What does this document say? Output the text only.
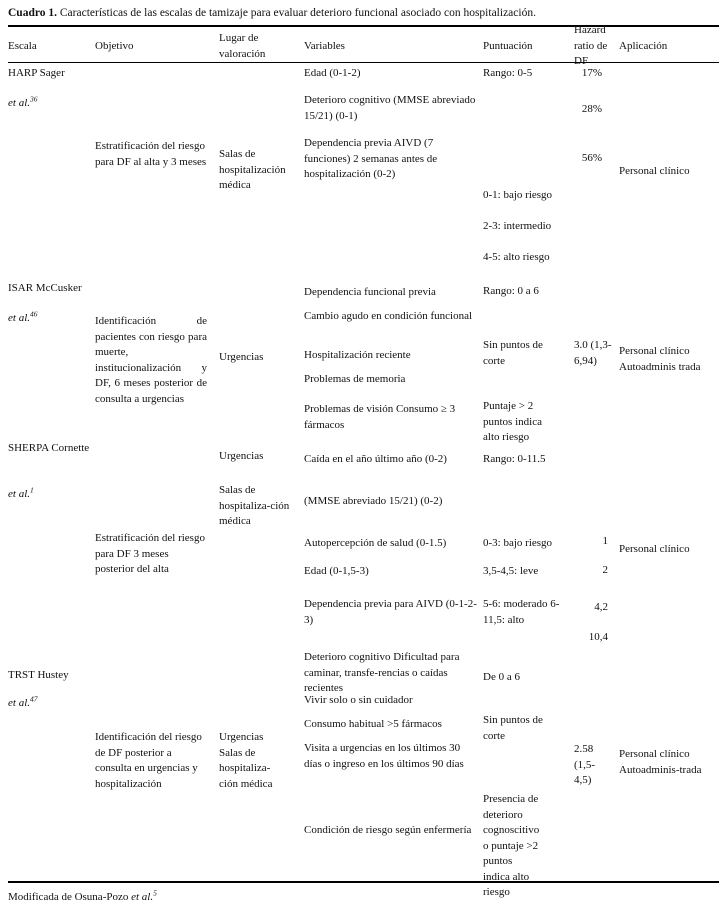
Cuadro 1. Características de las escalas de tamizaje para evaluar deterioro funcional asociado con hospitalización.
Escala	Objetivo
Lugar de valoración
Variables	Puntuación
Hazard ratio de DF
Aplicación
HARP Sager
et al.$^{36}$
Estratificación del riesgo para DF al alta y 3 meses
Salas de hospitalización médica
Edad (0-1-2)
Deterioro cognitivo (MMSE abreviado 15/21) (0-1)
Dependencia previa AIVD (7 funciones) 2 semanas antes de hospitalización (0-2)
Rango: 0-5
0-1: bajo riesgo
2-3: intermedio
4-5: alto riesgo
17%
28%
56%
Personal clínico
ISAR McCusker
et al.$^{46}$
Identificación de pacientes con riesgo para muerte, institucionalización y DF, 6 meses posterior de consulta a urgencias
Urgencias
Dependencia funcional previa
Cambio agudo en condición funcional
Hospitalización reciente
Problemas de memoria
Problemas de visión Consumo ≥ 3 fármacos
Rango: 0 a 6
Sin puntos de corte
Puntaje > 2 puntos indica alto riesgo
3.0 (1,3-6,94)
Personal clínico Autoadminis trada
SHERPA Cornette
et al.$^1$
Estratificación del riesgo para DF 3 meses posterior del alta
Urgencias
Salas de hospitaliza-ción médica
Caída en el año último año (0-2)
(MMSE abreviado 15/21) (0-2)
Autopercepción de salud (0-1.5)
Edad (0-1,5-3)
Dependencia previa para AIVD (0-1-2-3)
Rango: 0-11.5
0-3: bajo riesgo
3,5-4,5: leve
5-6: moderado 6-11,5: alto
1
2
4,2
10,4
Personal clínico
TRST Hustey
et al.$^{47}$
Identificación del riesgo de DF posterior a consulta en urgencias y hospitalización
Urgencias Salas de hospitaliza-ción médica
Deterioro cognitivo Dificultad para caminar, transfe-rencias o caídas recientes
Vivir solo o sin cuidador
Consumo habitual >5 fármacos
Visita a urgencias en los últimos 30 días o ingreso en los últimos 90 días
Condición de riesgo según enfermería
De 0 a 6
Sin puntos de corte
Presencia de deterioro cognoscitivo o puntaje >2 puntos indica alto riesgo
2.58 (1,5-4,5)
Personal clínico Autoadminis-trada
Modificada de Osuna-Pozo et al.$^5$
